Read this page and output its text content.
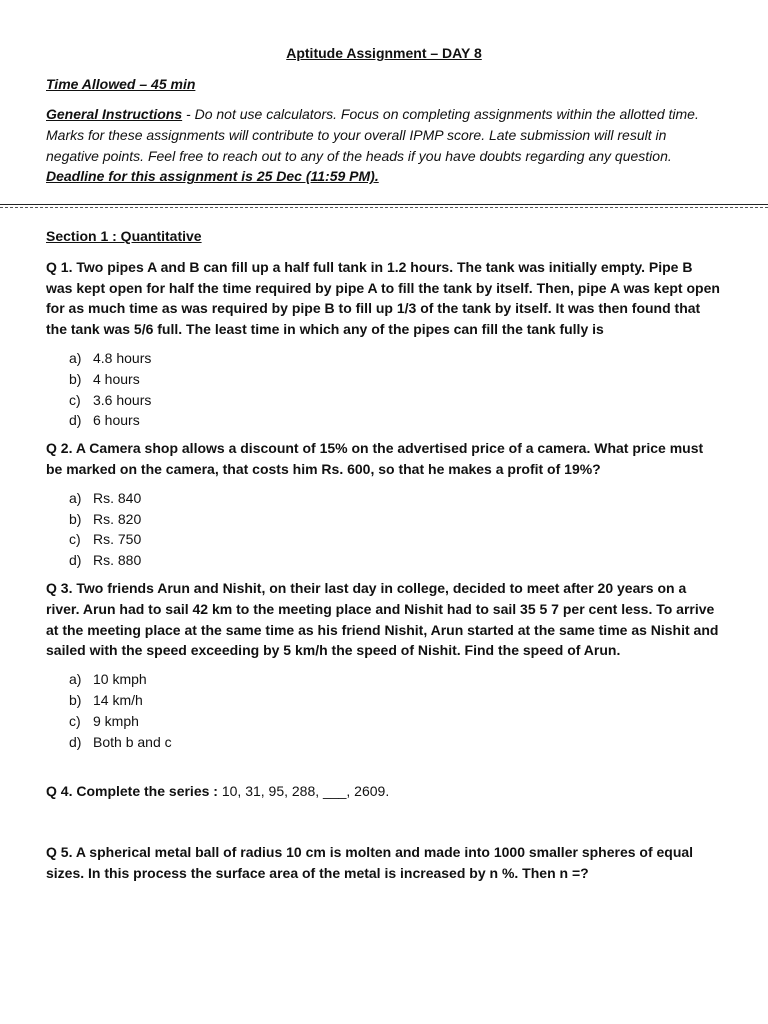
Aptitude Assignment – DAY 8
Time Allowed – 45 min
General Instructions - Do not use calculators. Focus on completing assignments within the allotted time. Marks for these assignments will contribute to your overall IPMP score. Late submission will result in negative points. Feel free to reach out to any of the heads if you have doubts regarding any question. Deadline for this assignment is 25 Dec (11:59 PM).
Section 1 : Quantitative
Q 1. Two pipes A and B can fill up a half full tank in 1.2 hours. The tank was initially empty. Pipe B was kept open for half the time required by pipe A to fill the tank by itself. Then, pipe A was kept open for as much time as was required by pipe B to fill up 1/3 of the tank by itself. It was then found that the tank was 5/6 full. The least time in which any of the pipes can fill the tank fully is
a) 4.8 hours
b) 4 hours
c) 3.6 hours
d) 6 hours
Q 2. A Camera shop allows a discount of 15% on the advertised price of a camera. What price must be marked on the camera, that costs him Rs. 600, so that he makes a profit of 19%?
a) Rs. 840
b) Rs. 820
c) Rs. 750
d) Rs. 880
Q 3. Two friends Arun and Nishit, on their last day in college, decided to meet after 20 years on a river. Arun had to sail 42 km to the meeting place and Nishit had to sail 35 5 7 per cent less. To arrive at the meeting place at the same time as his friend Nishit, Arun started at the same time as Nishit and sailed with the speed exceeding by 5 km/h the speed of Nishit. Find the speed of Arun.
a) 10 kmph
b) 14 km/h
c) 9 kmph
d) Both b and c
Q 4. Complete the series : 10, 31, 95, 288, ___, 2609.
Q 5. A spherical metal ball of radius 10 cm is molten and made into 1000 smaller spheres of equal sizes. In this process the surface area of the metal is increased by n %. Then n =?
